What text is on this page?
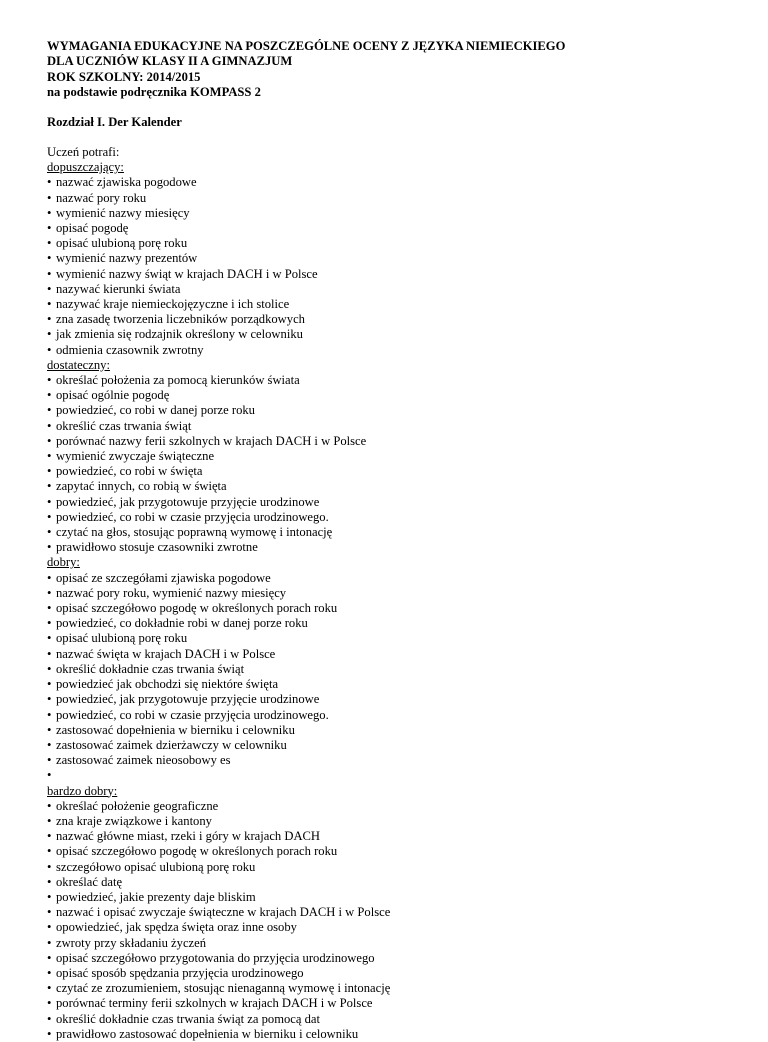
WYMAGANIA EDUKACYJNE NA POSZCZEGÓLNE OCENY Z JĘZYKA NIEMIECKIEGO
DLA UCZNIÓW KLASY II A GIMNAZJUM
ROK SZKOLNY: 2014/2015
na podstawie podręcznika KOMPASS 2
Rozdział I. Der Kalender
Uczeń potrafi:
dopuszczający:
• nazwać zjawiska pogodowe
• nazwać pory roku
• wymienić nazwy miesięcy
• opisać pogodę
• opisać ulubioną porę roku
• wymienić nazwy prezentów
• wymienić nazwy świąt w krajach DACH i w Polsce
• nazywać kierunki świata
• nazywać kraje niemieckojęzyczne i ich stolice
• zna zasadę tworzenia liczebników porządkowych
• jak zmienia się rodzajnik określony w celowniku
• odmienia czasownik zwrotny
dostateczny:
• określać położenia za pomocą kierunków świata
• opisać ogólnie pogodę
• powiedzieć, co robi w danej porze roku
• określić czas trwania świąt
• porównać nazwy ferii szkolnych w krajach DACH i w Polsce
• wymienić zwyczaje świąteczne
• powiedzieć, co robi w święta
• zapytać innych, co robią w święta
• powiedzieć, jak przygotowuje przyjęcie urodzinowe
• powiedzieć, co robi w czasie przyjęcia urodzinowego.
• czytać na głos, stosując poprawną wymowę i intonację
• prawidłowo stosuje czasowniki zwrotne
dobry:
• opisać ze szczegółami zjawiska pogodowe
• nazwać pory roku, wymienić nazwy miesięcy
• opisać szczegółowo pogodę w określonych porach roku
• powiedzieć, co dokładnie robi w danej porze roku
• opisać ulubioną porę roku
• nazwać święta w krajach DACH i w Polsce
• określić dokładnie czas trwania świąt
• powiedzieć jak obchodzi się niektóre święta
• powiedzieć, jak przygotowuje przyjęcie urodzinowe
• powiedzieć, co robi w czasie przyjęcia urodzinowego.
• zastosować dopełnienia w bierniku i celowniku
• zastosować zaimek dzierżawczy w celowniku
• zastosować zaimek nieosobowy es
•
bardzo dobry:
• określać położenie geograficzne
• zna kraje związkowe i kantony
• nazwać główne miast, rzeki i góry w krajach DACH
• opisać szczegółowo pogodę w określonych porach roku
• szczegółowo opisać ulubioną porę roku
• określać datę
• powiedzieć, jakie prezenty daje bliskim
• nazwać i opisać zwyczaje świąteczne w krajach DACH i w Polsce
• opowiedzieć, jak spędza święta oraz inne osoby
• zwroty przy składaniu życzeń
• opisać szczegółowo przygotowania do przyjęcia urodzinowego
• opisać sposób spędzania przyjęcia urodzinowego
• czytać ze zrozumieniem, stosując nienaganną wymowę i intonację
• porównać terminy ferii szkolnych w krajach DACH i w Polsce
• określić dokładnie czas trwania świąt za pomocą dat
• prawidłowo zastosować dopełnienia w bierniku i celowniku
